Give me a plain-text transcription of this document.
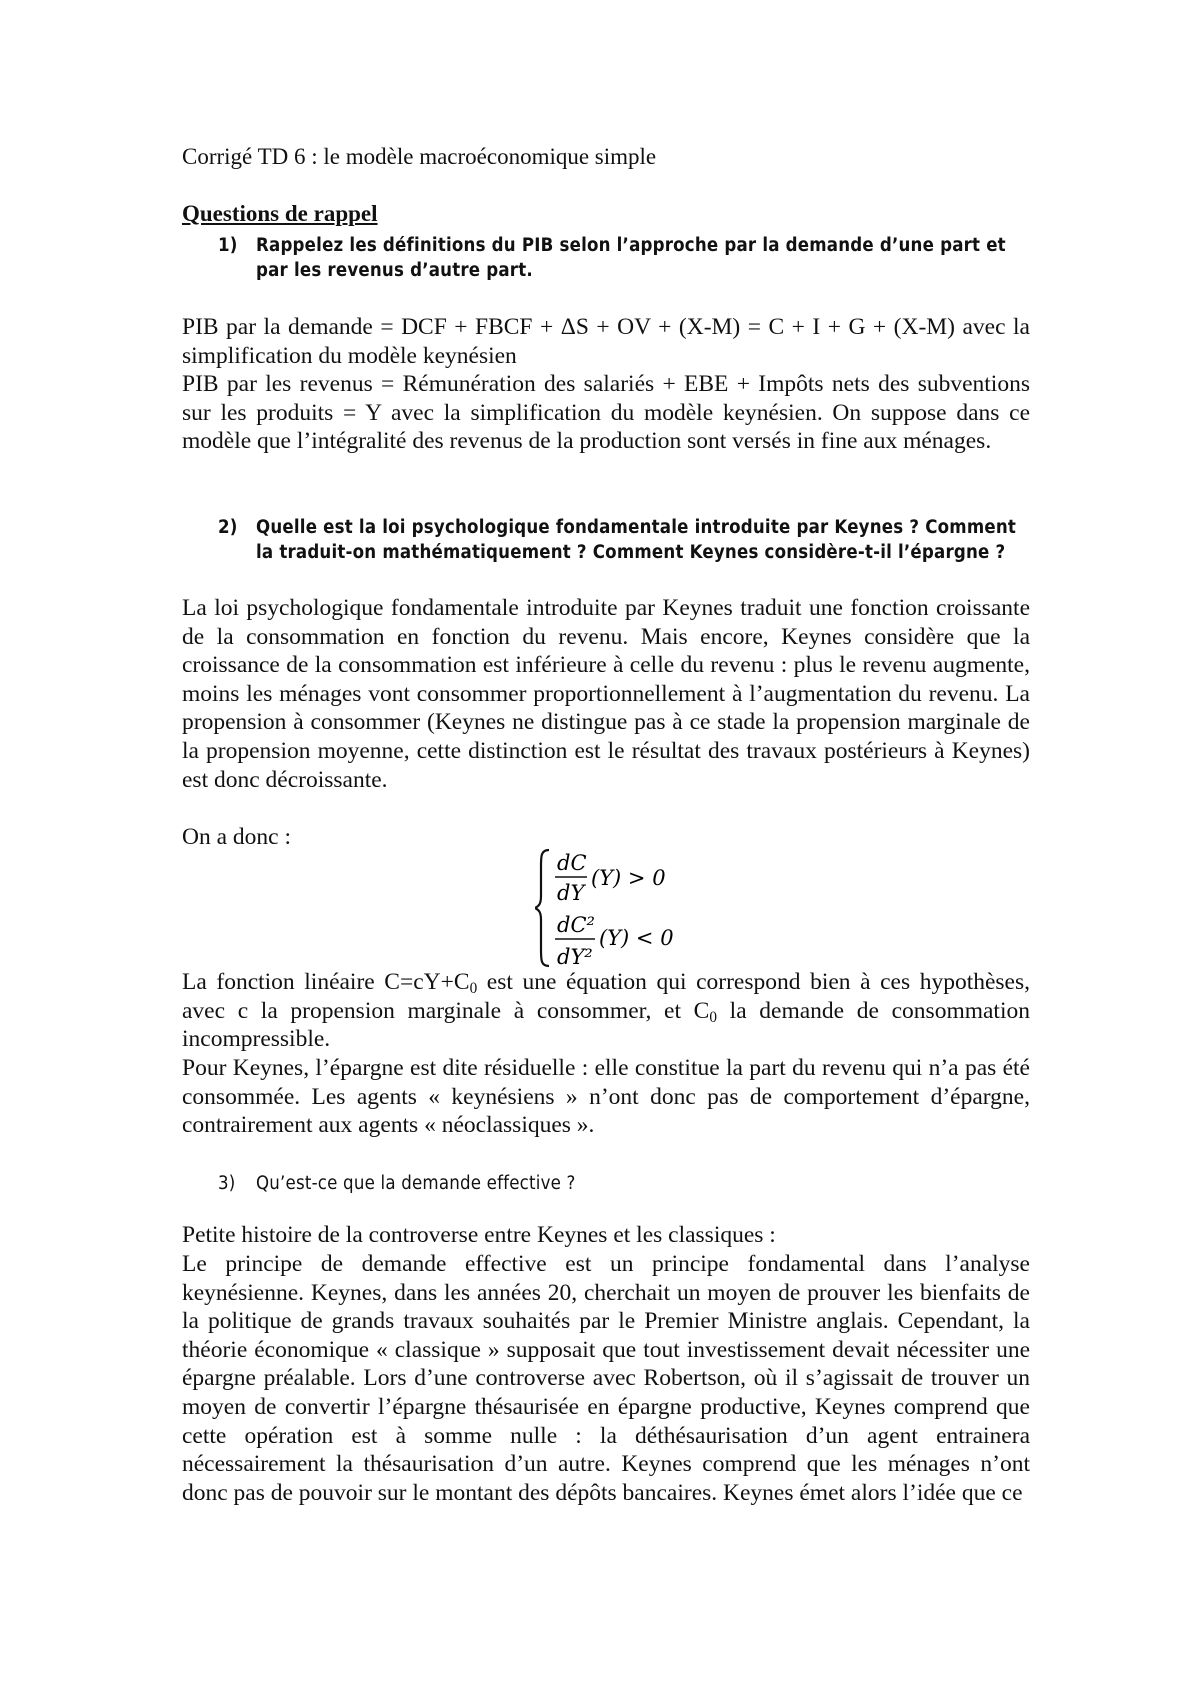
Corrigé TD 6 : le modèle macroéconomique simple
Questions de rappel
1) Rappelez les définitions du PIB selon l’approche par la demande d’une part et par les revenus d’autre part.
PIB par la demande = DCF + FBCF + ΔS + OV + (X-M) = C + I + G + (X-M) avec la simplification du modèle keynésien
PIB par les revenus = Rémunération des salariés + EBE + Impôts nets des subventions sur les produits = Y avec la simplification du modèle keynésien. On suppose dans ce modèle que l’intégralité des revenus de la production sont versés in fine aux ménages.
2) Quelle est la loi psychologique fondamentale introduite par Keynes ? Comment la traduit-on mathématiquement ? Comment Keynes considère-t-il l’épargne ?
La loi psychologique fondamentale introduite par Keynes traduit une fonction croissante de la consommation en fonction du revenu. Mais encore, Keynes considère que la croissance de la consommation est inférieure à celle du revenu : plus le revenu augmente, moins les ménages vont consommer proportionnellement à l’augmentation du revenu. La propension à consommer (Keynes ne distingue pas à ce stade la propension marginale de la propension moyenne, cette distinction est le résultat des travaux postérieurs à Keynes) est donc décroissante.
On a donc :
dC
dY
(Y) > 0
dC²
dY²
(Y) < 0
La fonction linéaire $C=cY+C_0$ est une équation qui correspond bien à ces hypothèses, avec c la propension marginale à consommer, et $C_0$ la demande de consommation incompressible.
Pour Keynes, l’épargne est dite résiduelle : elle constitue la part du revenu qui n’a pas été consommée. Les agents « keynésiens » n’ont donc pas de comportement d’épargne, contrairement aux agents « néoclassiques ».
3) Qu’est-ce que la demande effective ?
Petite histoire de la controverse entre Keynes et les classiques :
Le principe de demande effective est un principe fondamental dans l’analyse keynésienne. Keynes, dans les années 20, cherchait un moyen de prouver les bienfaits de la politique de grands travaux souhaités par le Premier Ministre anglais. Cependant, la théorie économique « classique » supposait que tout investissement devait nécessiter une épargne préalable. Lors d’une controverse avec Robertson, où il s’agissait de trouver un moyen de convertir l’épargne thésaurisée en épargne productive, Keynes comprend que cette opération est à somme nulle : la déthésaurisation d’un agent entrainera nécessairement la thésaurisation d’un autre. Keynes comprend que les ménages n’ont donc pas de pouvoir sur le montant des dépôts bancaires. Keynes émet alors l’idée que ce
